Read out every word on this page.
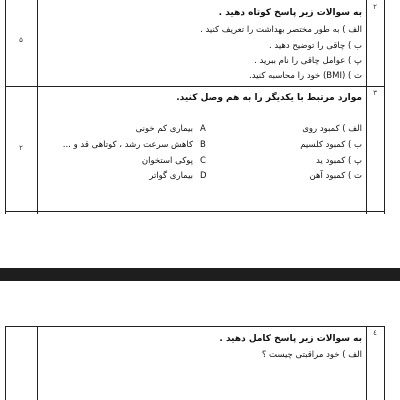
۲
۵
به سوالات زیر پاسخ کوتاه دهید .
الف ) به طور مختصر بهداشت را تعریف کنید .
ب ) چاقی را توضیح دهید .
پ ) عوامل چاقی را نام ببرید .
ت ) (BMI) خود را محاسبه کنید.
۳
۲
موارد مرتبط با یکدیگر را به هم وصل کنید.
الف ) کمبود روی
ب ) کمبود کلسیم
پ ) کمبود ید
ت ) کمبود آهن
A
بیماری کم خونی
B
کاهش سرعت رشد ، کوتاهی قد و ...
C
پوکی استخوان
D
بیماری گواتر
٤
به سوالات زیر پاسخ کامل دهید .
الف ) خود مراقبتی چیست ؟
